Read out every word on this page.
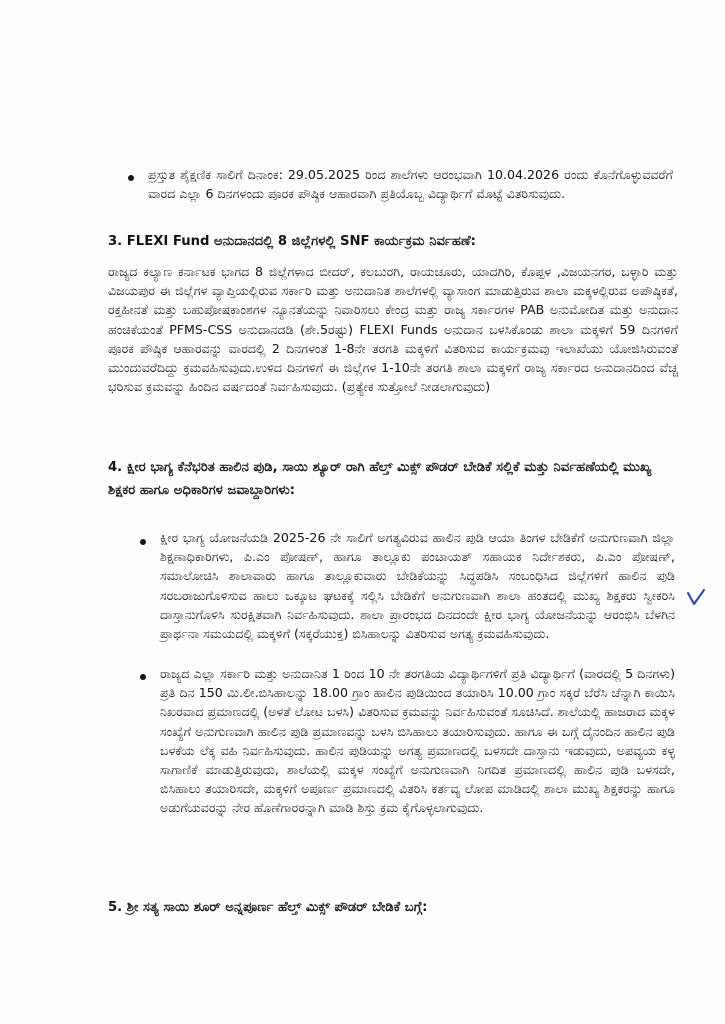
ಪ್ರಸ್ತುತ ಶೈಕ್ಷಣಿಕ ಸಾಲಿಗೆ ದಿನಾಂಕ: 29.05.2025 ರಿಂದ ಶಾಲೆಗಳು ಆರಂಭವಾಗಿ 10.04.2026 ರಂದು ಕೊನೆಗೊಳ್ಳುವವರೆಗೆ ವಾರದ ಎಲ್ಲಾ 6 ದಿನಗಳಂದು ಪೂರಕ ಪೌಷ್ಠಿಕ ಆಹಾರವಾಗಿ ಪ್ರತಿಯೊಬ್ಬ ವಿದ್ಯಾರ್ಥಿಗೆ ಮೊಟ್ಟೆ ವಿತರಿಸುವುದು.

3. FLEXI Fund ಅನುದಾನದಲ್ಲಿ 8 ಜಿಲ್ಲೆಗಳಲ್ಲಿ SNF ಕಾರ್ಯಕ್ರಮ ನಿರ್ವಹಣೆ:

ರಾಜ್ಯದ ಕಲ್ಯಾಣ ಕರ್ನಾಟಕ ಭಾಗದ 8 ಜಿಲ್ಲೆಗಳಾದ ಬೀದರ್, ಕಲಬುರಗಿ, ರಾಯಚೂರು, ಯಾದಗಿರಿ, ಕೊಪ್ಪಳ ,ವಿಜಯನಗರ, ಬಳ್ಳಾರಿ ಮತ್ತು ವಿಜಯಪುರ ಈ ಜಿಲ್ಲೆಗಳ ವ್ಯಾಪ್ತಿಯಲ್ಲಿರುವ ಸರ್ಕಾರಿ ಮತ್ತು ಅನುದಾನಿತ ಶಾಲೆಗಳಲ್ಲಿ ವ್ಯಾಸಾಂಗ ಮಾಡುತ್ತಿರುವ ಶಾಲಾ ಮಕ್ಕಳಲ್ಲಿರುವ ಅಪೌಷ್ಠಿಕತೆ, ರಕ್ತಹೀನತೆ ಮತ್ತು ಬಹುಪೋಷಕಾಂಶಗಳ ನ್ಯೂನತೆಯನ್ನು ನಿವಾರಿಸಲು ಕೇಂದ್ರ ಮತ್ತು ರಾಜ್ಯ ಸರ್ಕಾರಗಳ PAB ಅನುಮೋದಿತ ಮತ್ತು ಅನುದಾನ ಹಂಚಿಕೆಯಂತೆ PFMS-CSS ಅನುದಾನದಡಿ (ಶೇ.5ರಷ್ಟು) FLEXI Funds ಅನುದಾನ ಬಳಸಿಕೊಂಡು ಶಾಲಾ ಮಕ್ಕಳಿಗೆ 59 ದಿನಗಳಿಗೆ ಪೂರಕ ಪೌಷ್ಠಿಕ ಆಹಾರವನ್ನು ವಾರದಲ್ಲಿ 2 ದಿನಗಳಂತೆ 1-8ನೇ ತರಗತಿ ಮಕ್ಕಳಿಗೆ ವಿತರಿಸುವ ಕಾರ್ಯಕ್ರಮವು ಇಲಾಖೆಯು ಯೋಜಿಸಿರುವಂತೆ ಮುಂದುವರೆದಿದ್ದು ಕ್ರಮವಹಿಸುವುದು.ಉಳಿದ ದಿನಗಳಿಗೆ ಈ ಜಿಲ್ಲೆಗಳ 1-10ನೇ ತರಗತಿ ಶಾಲಾ ಮಕ್ಕಳಿಗೆ ರಾಜ್ಯ ಸರ್ಕಾರದ ಅನುದಾನದಿಂದ ವೆಚ್ಚ ಭರಿಸುವ ಕ್ರಮವನ್ನು ಹಿಂದಿನ ವರ್ಷದಂತೆ ನಿರ್ವಹಿಸುವುದು. (ಪ್ರತ್ಯೇಕ ಸುತ್ತೋಲೆ ನೀಡಲಾಗುವುದು)

4. ಕ್ಷೀರ ಭಾಗ್ಯ ಕೆನೆಭರಿತ ಹಾಲಿನ ಪುಡಿ, ಸಾಯಿ ಶ್ಯೂರ್ ರಾಗಿ ಹೆಲ್ತ್ ಮಿಕ್ಸ್ ಪೌಡರ್ ಬೇಡಿಕೆ ಸಲ್ಲಿಕೆ ಮತ್ತು ನಿರ್ವಹಣೆಯಲ್ಲಿ ಮುಖ್ಯ ಶಿಕ್ಷಕರ ಹಾಗೂ ಅಧಿಕಾರಿಗಳ ಜವಾಬ್ದಾರಿಗಳು:

ಕ್ಷೀರ ಭಾಗ್ಯ ಯೋಜನೆಯಡಿ 2025-26 ನೇ ಸಾಲಿಗೆ ಅಗತ್ಯವಿರುವ ಹಾಲಿನ ಪುಡಿ ಆಯಾ ತಿಂಗಳ ಬೇಡಿಕೆಗೆ ಅನುಗುಣವಾಗಿ ಜಿಲ್ಲಾ ಶಿಕ್ಷಣಾಧಿಕಾರಿಗಳು, ಪಿ.ಎಂ ಪೋಷಣ್, ಹಾಗೂ ತಾಲ್ಲೂಕು ಪಂಚಾಯತ್ ಸಹಾಯಕ ನಿರ್ದೇಶಕರು, ಪಿ.ಎಂ ಪೋಷಣ್, ಸಮಾಲೋಚಿಸಿ ಶಾಲಾವಾರು ಹಾಗೂ ತಾಲ್ಲೂಕುವಾರು ಬೇಡಿಕೆಯನ್ನು ಸಿದ್ಧಪಡಿಸಿ ಸಂಬಂಧಿಸಿದ ಜಿಲ್ಲೆಗಳಿಗೆ ಹಾಲಿನ ಪುಡಿ ಸರಬರಾಜುಗೊಳಿಸುವ ಹಾಲು ಒಕ್ಕೂಟ ಘಟಕಕ್ಕೆ ಸಲ್ಲಿಸಿ ಬೇಡಿಕೆಗೆ ಅನುಗುಣವಾಗಿ ಶಾಲಾ ಹಂತದಲ್ಲಿ ಮುಖ್ಯ ಶಿಕ್ಷಕರು ಸ್ವೀಕರಿಸಿ ದಾಸ್ತಾನುಗೊಳಿಸಿ ಸುರಕ್ಷಿತವಾಗಿ ನಿರ್ವಹಿಸುವುದು. ಶಾಲಾ ಪ್ರಾರಂಭದ ದಿನದಂದೇ ಕ್ಷೀರ ಭಾಗ್ಯ ಯೋಜನೆಯನ್ನು ಆರಂಭಿಸಿ ಬೆಳಗಿನ ಪ್ರಾರ್ಥನಾ ಸಮಯದಲ್ಲಿ ಮಕ್ಕಳಿಗೆ (ಸಕ್ಕರೆಯುಕ್ತ) ಬಿಸಿಹಾಲನ್ನು ವಿತರಿಸುವ ಅಗತ್ಯ ಕ್ರಮವಹಿಸುವುದು.

ರಾಜ್ಯದ ಎಲ್ಲಾ ಸರ್ಕಾರಿ ಮತ್ತು ಅನುದಾನಿತ 1 ರಿಂದ 10 ನೇ ತರಗತಿಯ ವಿದ್ಯಾರ್ಥಿಗಳಿಗೆ ಪ್ರತಿ ವಿದ್ಯಾರ್ಥಿಗೆ (ವಾರದಲ್ಲಿ 5 ದಿನಗಳು) ಪ್ರತಿ ದಿನ 150 ಮಿ.ಲೀ.ಬಿಸಿಹಾಲನ್ನು 18.00 ಗ್ರಾಂ ಹಾಲಿನ ಪುಡಿಯಿಂದ ತಯಾರಿಸಿ 10.00 ಗ್ರಾಂ ಸಕ್ಕರೆ ಬೆರೆಸಿ ಚೆನ್ನಾಗಿ ಕಾಯಿಸಿ ನಿಖರವಾದ ಪ್ರಮಾಣದಲ್ಲಿ (ಅಳತೆ ಲೋಟ ಬಳಸಿ) ವಿತರಿಸುವ ಕ್ರಮವನ್ನು ನಿರ್ವಹಿಸುವಂತೆ ಸೂಚಿಸಿದೆ. ಶಾಲೆಯಲ್ಲಿ ಹಾಜರಾದ ಮಕ್ಕಳ ಸಂಖ್ಯೆಗೆ ಅನುಗುಣವಾಗಿ ಹಾಲಿನ ಪುಡಿ ಪ್ರಮಾಣವನ್ನು ಬಳಸಿ ಬಿಸಿಹಾಲು ತಯಾರಿಸುವುದು. ಹಾಗೂ ಈ ಬಗ್ಗೆ ದೈನಂದಿನ ಹಾಲಿನ ಪುಡಿ ಬಳಕೆಯ ಲೆಕ್ಕ ವಹಿ ನಿರ್ವಹಿಸುವುದು. ಹಾಲಿನ ಪುಡಿಯನ್ನು ಅಗತ್ಯ ಪ್ರಮಾಣದಲ್ಲಿ ಬಳಸದೇ ದಾಸ್ತಾನು ಇಡುವುದು, ಅಪವ್ಯಯ ಕಳ್ಳ ಸಾಗಾಣಿಕೆ ಮಾಡುತ್ತಿರುವುದು, ಶಾಲೆಯಲ್ಲಿ ಮಕ್ಕಳ ಸಂಖ್ಯೆಗೆ ಅನುಗುಣವಾಗಿ ನಿಗದಿತ ಪ್ರಮಾಣದಲ್ಲಿ ಹಾಲಿನ ಪುಡಿ ಬಳಸದೇ, ಬಿಸಿಹಾಲು ತಯಾರಿಸದೇ, ಮಕ್ಕಳಿಗೆ ಅಪೂರ್ಣ ಪ್ರಮಾಣದಲ್ಲಿ ವಿತರಿಸಿ ಕರ್ತವ್ಯ ಲೋಪ ಮಾಡಿದಲ್ಲಿ ಶಾಲಾ ಮುಖ್ಯ ಶಿಕ್ಷಕರನ್ನು ಹಾಗೂ ಅಡುಗೆಯವರನ್ನು ನೇರ ಹೊಣೆಗಾರರನ್ನಾಗಿ ಮಾಡಿ ಶಿಸ್ತು ಕ್ರಮ ಕೈಗೊಳ್ಳಲಾಗುವುದು.

5. ಶ್ರೀ ಸತ್ಯ ಸಾಯಿ ಶೂರ್ ಅನ್ನಪೂರ್ಣ ಹೆಲ್ತ್ ಮಿಕ್ಸ್ ಪೌಡರ್ ಬೇಡಿಕೆ ಬಗ್ಗೆ:
